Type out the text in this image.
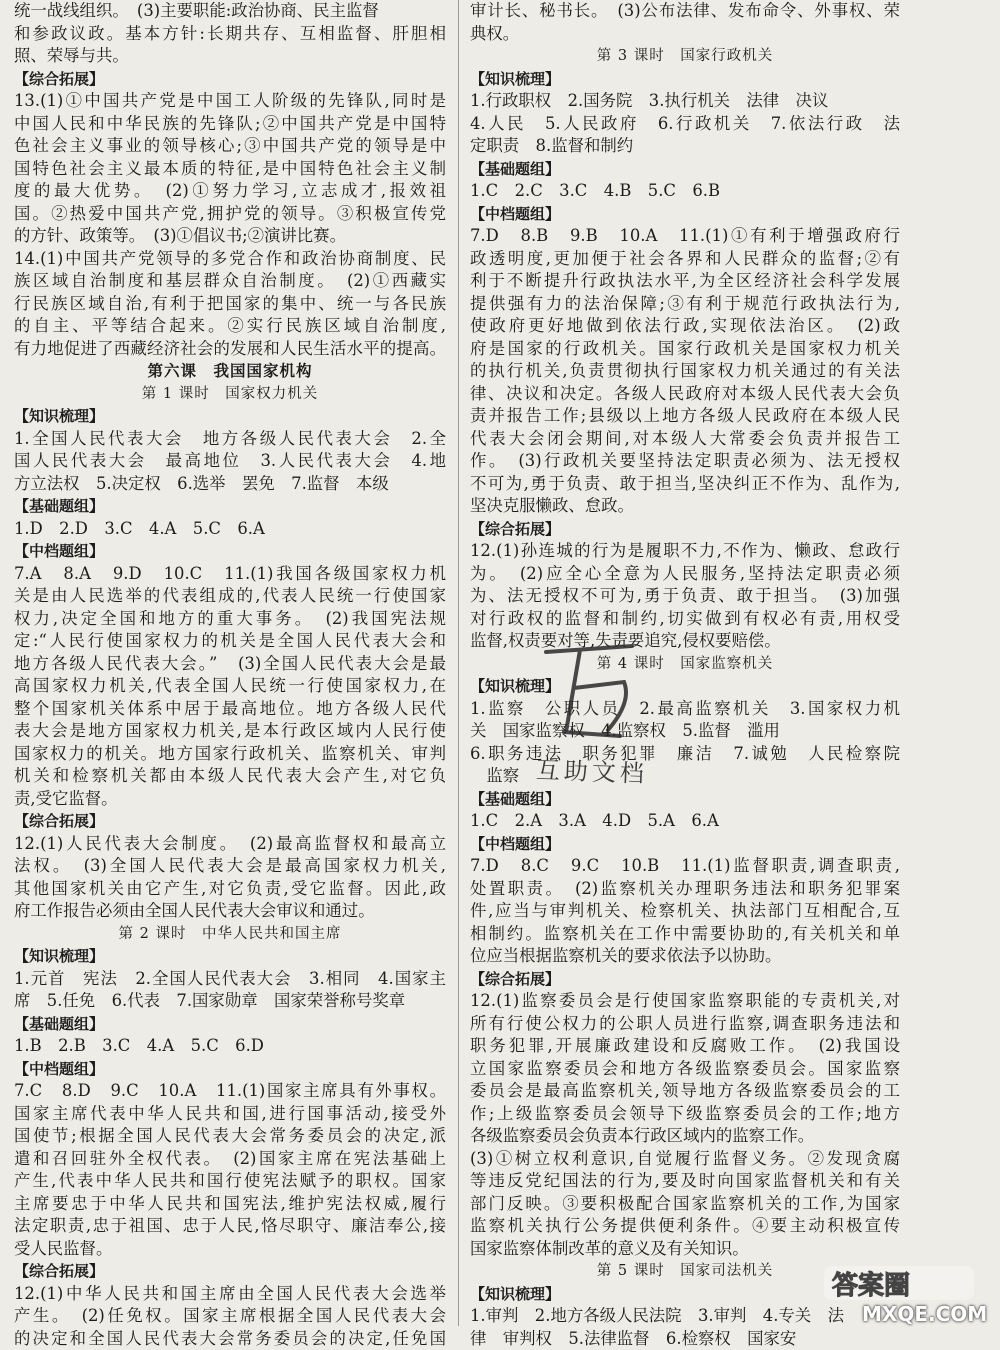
统一战线组织。　(3)主要职能:政治协商、民主监督
和参政议政。基本方针:长期共存、互相监督、肝胆相
照、荣辱与共。
【综合拓展】
13.(1)①中国共产党是中国工人阶级的先锋队,同时是
中国人民和中华民族的先锋队;②中国共产党是中国特
色社会主义事业的领导核心;③中国共产党的领导是中
国特色社会主义最本质的特征,是中国特色社会主义制
度的最大优势。　(2)①努力学习,立志成才,报效祖
国。②热爱中国共产党,拥护党的领导。③积极宣传党
的方针、政策等。　(3)①倡议书;②演讲比赛。
14.(1)中国共产党领导的多党合作和政治协商制度、民
族区域自治制度和基层群众自治制度。　(2)①西藏实
行民族区域自治,有利于把国家的集中、统一与各民族
的自主、平等结合起来。②实行民族区域自治制度,
有力地促进了西藏经济社会的发展和人民生活水平的提高。
第六课　我国国家机构
第 1 课时　国家权力机关
【知识梳理】
1.全国人民代表大会　地方各级人民代表大会　2.全
国人民代表大会　最高地位　3.人民代表大会　4.地
方立法权　5.决定权　6.选举　罢免　7.监督　本级
【基础题组】
1.D　2.D　3.C　4.A　5.C　6.A
【中档题组】
7.A　8.A　9.D　10.C　11.(1)我国各级国家权力机
关是由人民选举的代表组成的,代表人民统一行使国家
权力,决定全国和地方的重大事务。　(2)我国宪法规
定:“人民行使国家权力的机关是全国人民代表大会和
地方各级人民代表大会。”　(3)全国人民代表大会是最
高国家权力机关,代表全国人民统一行使国家权力,在
整个国家机关体系中居于最高地位。地方各级人民代
表大会是地方国家权力机关,是本行政区域内人民行使
国家权力的机关。地方国家行政机关、监察机关、审判
机关和检察机关都由本级人民代表大会产生,对它负
责,受它监督。
【综合拓展】
12.(1)人民代表大会制度。　(2)最高监督权和最高立
法权。　(3)全国人民代表大会是最高国家权力机关,
其他国家机关由它产生,对它负责,受它监督。因此,政
府工作报告必须由全国人民代表大会审议和通过。
第 2 课时　中华人民共和国主席
【知识梳理】
1.元首　宪法　2.全国人民代表大会　3.相同　4.国家主
席　5.任免　6.代表　7.国家勋章　国家荣誉称号奖章
【基础题组】
1.B　2.B　3.C　4.A　5.C　6.D
【中档题组】
7.C　8.D　9.C　10.A　11.(1)国家主席具有外事权。
国家主席代表中华人民共和国,进行国事活动,接受外
国使节;根据全国人民代表大会常务委员会的决定,派
遣和召回驻外全权代表。　(2)国家主席在宪法基础上
产生,代表中华人民共和国行使宪法赋予的职权。国家
主席要忠于中华人民共和国宪法,维护宪法权威,履行
法定职责,忠于祖国、忠于人民,恪尽职守、廉洁奉公,接
受人民监督。
【综合拓展】
12.(1)中华人民共和国主席由全国人民代表大会选举
产生。　(2)任免权。国家主席根据全国人民代表大会
的决定和全国人民代表大会常务委员会的决定,任免国
审计长、秘书长。　(3)公布法律、发布命令、外事权、荣
典权。
第 3 课时　国家行政机关
【知识梳理】
1.行政职权　2.国务院　3.执行机关　法律　决议
4.人民　5.人民政府　6.行政机关　7.依法行政　法
定职责　8.监督和制约
【基础题组】
1.C　2.C　3.C　4.B　5.C　6.B
【中档题组】
7.D　8.B　9.B　10.A　11.(1)①有利于增强政府行
政透明度,更加便于社会各界和人民群众的监督;②有
利于不断提升行政执法水平,为全区经济社会科学发展
提供强有力的法治保障;③有利于规范行政执法行为,
使政府更好地做到依法行政,实现依法治区。　(2)政
府是国家的行政机关。国家行政机关是国家权力机关
的执行机关,负责贯彻执行国家权力机关通过的有关法
律、决议和决定。各级人民政府对本级人民代表大会负
责并报告工作;县级以上地方各级人民政府在本级人民
代表大会闭会期间,对本级人大常委会负责并报告工
作。　(3)行政机关要坚持法定职责必须为、法无授权
不可为,勇于负责、敢于担当,坚决纠正不作为、乱作为,
坚决克服懒政、怠政。
【综合拓展】
12.(1)孙连城的行为是履职不力,不作为、懒政、怠政行
为。　(2)应全心全意为人民服务,坚持法定职责必须
为、法无授权不可为,勇于负责、敢于担当。　(3)加强
对行政权的监督和制约,切实做到有权必有责,用权受
监督,权责要对等,失责要追究,侵权要赔偿。
第 4 课时　国家监察机关
【知识梳理】
1.监察　公职人员　2.最高监察机关　3.国家权力机
关　国家监察权　4.监察权　5.监督　滥用
6.职务违法　职务犯罪　廉洁　7.诚勉　人民检察院
　监察
【基础题组】
1.C　2.A　3.A　4.D　5.A　6.A
【中档题组】
7.D　8.C　9.C　10.B　11.(1)监督职责,调查职责,
处置职责。　(2)监察机关办理职务违法和职务犯罪案
件,应当与审判机关、检察机关、执法部门互相配合,互
相制约。监察机关在工作中需要协助的,有关机关和单
位应当根据监察机关的要求依法予以协助。
【综合拓展】
12.(1)监察委员会是行使国家监察职能的专责机关,对
所有行使公权力的公职人员进行监察,调查职务违法和
职务犯罪,开展廉政建设和反腐败工作。　(2)我国设
立国家监察委员会和地方各级监察委员会。国家监察
委员会是最高监察机关,领导地方各级监察委员会的工
作;上级监察委员会领导下级监察委员会的工作;地方
各级监察委员会负责本行政区域内的监察工作。
(3)①树立权利意识,自觉履行监督义务。②发现贪腐
等违反党纪国法的行为,要及时向国家监督机关和有关
部门反映。③要积极配合国家监察机关的工作,为国家
监察机关执行公务提供便利条件。④要主动积极宣传
国家监察体制改革的意义及有关知识。
第 5 课时　国家司法机关
【知识梳理】
1.审判　2.地方各级人民法院　3.审判　4.专关　法
律　审判权　5.法律监督　6.检察权　国家安
互助文档
答案圈
MXQE.COM
